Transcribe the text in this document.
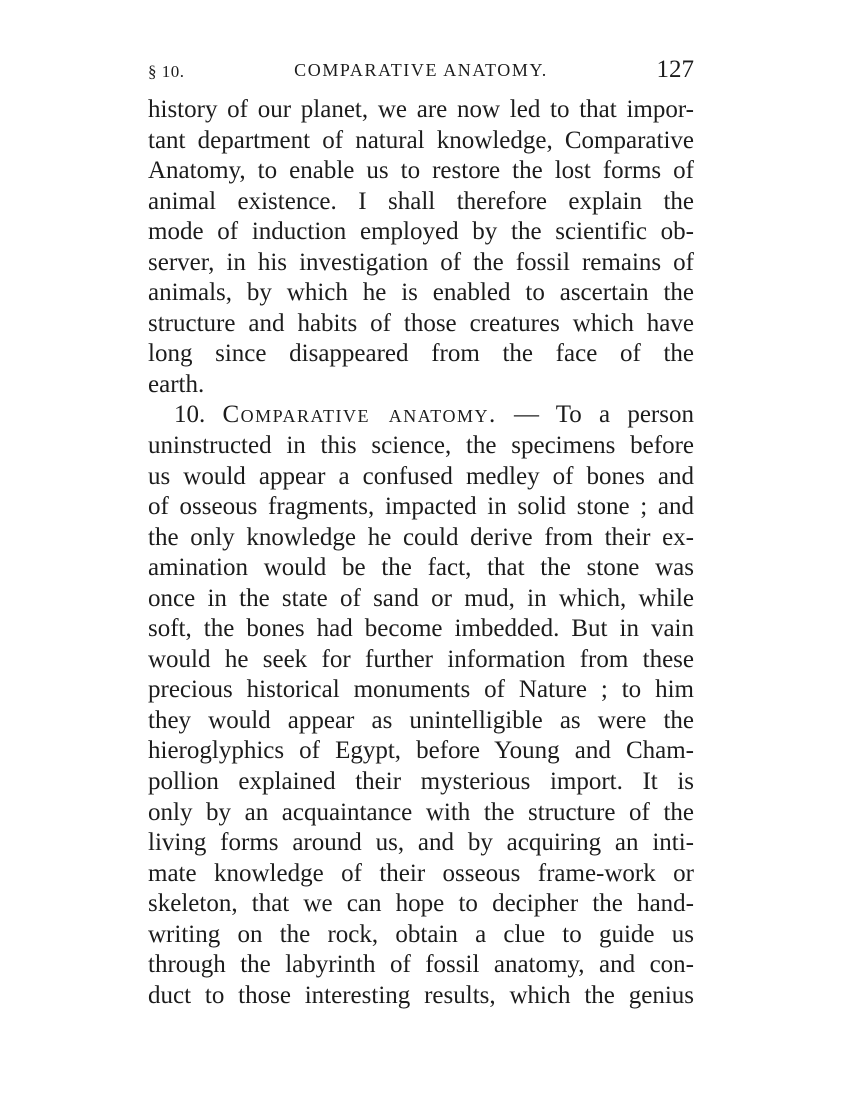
§ 10.	COMPARATIVE ANATOMY.	127
history of our planet, we are now led to that impor-
tant department of natural knowledge, Comparative
Anatomy, to enable us to restore the lost forms of
animal existence. I shall therefore explain the
mode of induction employed by the scientific ob-
server, in his investigation of the fossil remains of
animals, by which he is enabled to ascertain the
structure and habits of those creatures which have
long since disappeared from the face of the
earth.
10. Comparative anatomy. — To a person
uninstructed in this science, the specimens before
us would appear a confused medley of bones and
of osseous fragments, impacted in solid stone ; and
the only knowledge he could derive from their ex-
amination would be the fact, that the stone was
once in the state of sand or mud, in which, while
soft, the bones had become imbedded. But in vain
would he seek for further information from these
precious historical monuments of Nature ; to him
they would appear as unintelligible as were the
hieroglyphics of Egypt, before Young and Cham-
pollion explained their mysterious import. It is
only by an acquaintance with the structure of the
living forms around us, and by acquiring an inti-
mate knowledge of their osseous frame-work or
skeleton, that we can hope to decipher the hand-
writing on the rock, obtain a clue to guide us
through the labyrinth of fossil anatomy, and con-
duct to those interesting results, which the genius
